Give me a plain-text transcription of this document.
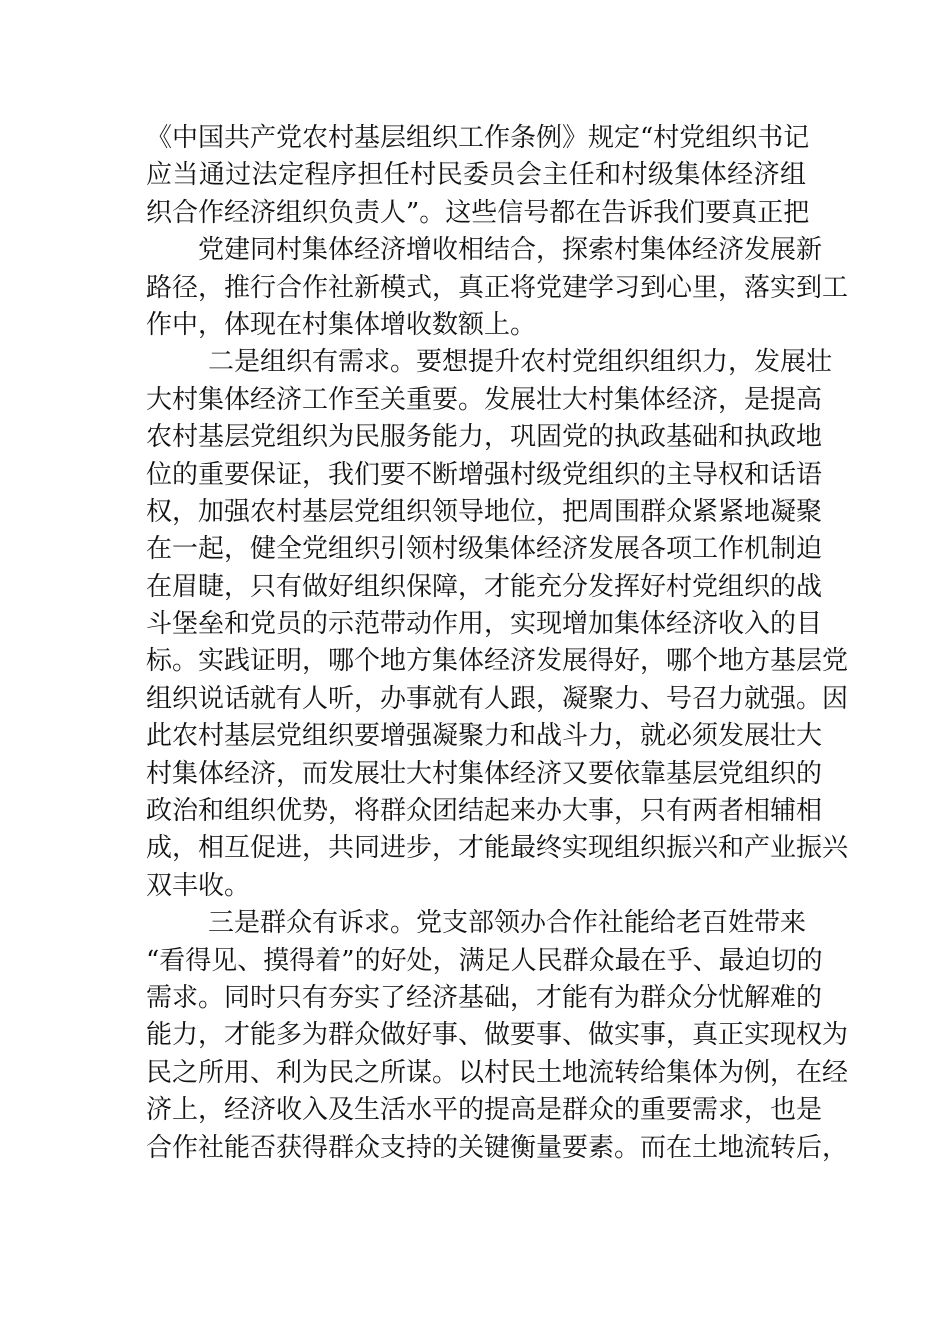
《中国共产党农村基层组织工作条例》规定“村党组织书记
应当通过法定程序担任村民委员会主任和村级集体经济组
织合作经济组织负责人”。这些信号都在告诉我们要真正把
党建同村集体经济增收相结合，探索村集体经济发展新
路径，推行合作社新模式，真正将党建学习到心里，落实到工
作中，体现在村集体增收数额上。
二是组织有需求。要想提升农村党组织组织力，发展壮
大村集体经济工作至关重要。发展壮大村集体经济，是提高
农村基层党组织为民服务能力，巩固党的执政基础和执政地
位的重要保证，我们要不断增强村级党组织的主导权和话语
权，加强农村基层党组织领导地位，把周围群众紧紧地凝聚
在一起，健全党组织引领村级集体经济发展各项工作机制迫
在眉睫，只有做好组织保障，才能充分发挥好村党组织的战
斗堡垒和党员的示范带动作用，实现增加集体经济收入的目
标。实践证明，哪个地方集体经济发展得好，哪个地方基层党
组织说话就有人听，办事就有人跟，凝聚力、号召力就强。因
此农村基层党组织要增强凝聚力和战斗力，就必须发展壮大
村集体经济，而发展壮大村集体经济又要依靠基层党组织的
政治和组织优势，将群众团结起来办大事，只有两者相辅相
成，相互促进，共同进步，才能最终实现组织振兴和产业振兴
双丰收。
三是群众有诉求。党支部领办合作社能给老百姓带来
“看得见、摸得着”的好处，满足人民群众最在乎、最迫切的
需求。同时只有夯实了经济基础，才能有为群众分忧解难的
能力，才能多为群众做好事、做要事、做实事，真正实现权为
民之所用、利为民之所谋。以村民土地流转给集体为例，在经
济上，经济收入及生活水平的提高是群众的重要需求，也是
合作社能否获得群众支持的关键衡量要素。而在土地流转后，
